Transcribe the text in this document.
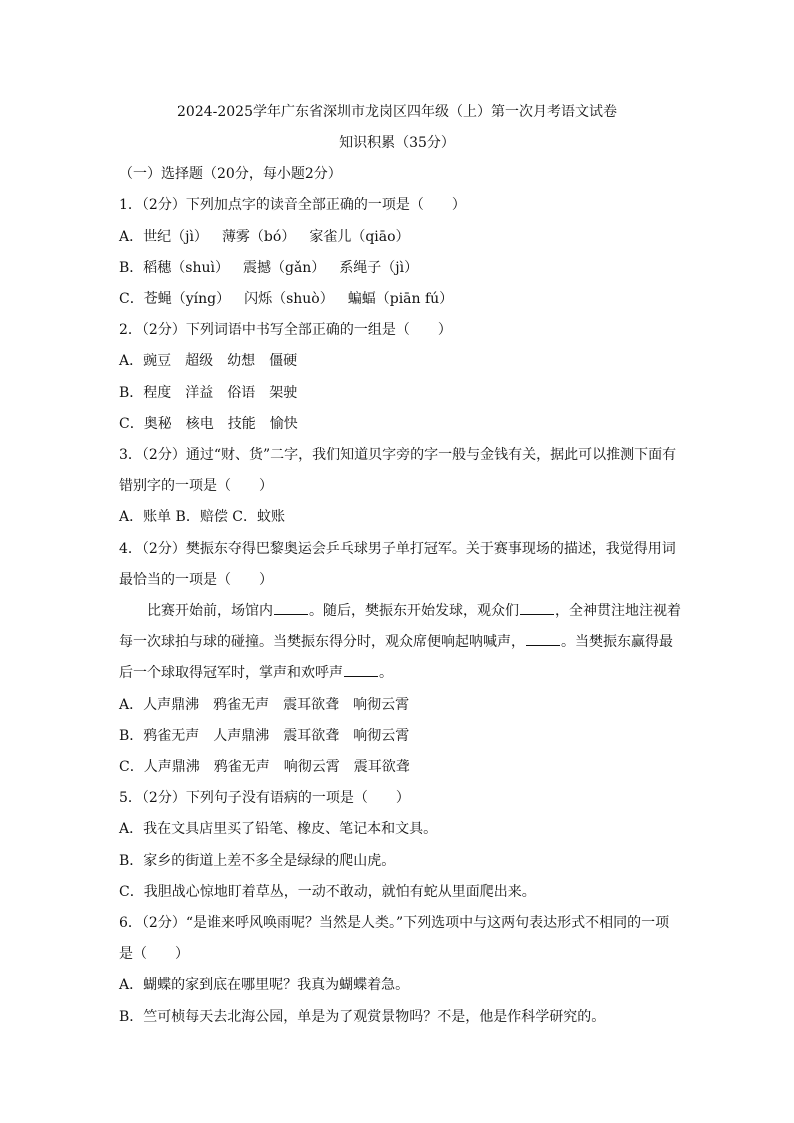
2024-2025学年广东省深圳市龙岗区四年级（上）第一次月考语文试卷
知识积累（35分）
（一）选择题（20分，每小题2分）
1．（2分）下列加点字的读音全部正确的一项是（　　）
A．世纪（jì） 薄雾（bó） 家雀儿（qiāo）
B．稻穗（shuì） 震撼（gǎn） 系绳子（jì）
C．苍蝇（yíng） 闪烁（shuò） 蝙蝠（piān fú）
2．（2分）下列词语中书写全部正确的一组是（　　）
A．豌豆 超级 幼想 僵硬
B．程度 洋益 俗语 架驶
C．奥秘 核电 技能 愉快
3．（2分）通过“财、货”二字，我们知道贝字旁的字一般与金钱有关，据此可以推测下面有
错别字的一项是（　　）
A．账单 B．赔偿 C．蚊账
4．（2分）樊振东夺得巴黎奥运会乒乓球男子单打冠军。关于赛事现场的描述，我觉得用词
最恰当的一项是（　　）
比赛开始前，场馆内	。随后，樊振东开始发球，观众们	，全神贯注地注视着
每一次球拍与球的碰撞。当樊振东得分时，观众席便响起呐喊声，	。当樊振东赢得最
后一个球取得冠军时，掌声和欢呼声	。
A．人声鼎沸 鸦雀无声 震耳欲聋 响彻云霄
B．鸦雀无声 人声鼎沸 震耳欲聋 响彻云霄
C．人声鼎沸 鸦雀无声 响彻云霄 震耳欲聋
5．（2分）下列句子没有语病的一项是（　　）
A．我在文具店里买了铅笔、橡皮、笔记本和文具。
B．家乡的街道上差不多全是绿绿的爬山虎。
C．我胆战心惊地盯着草丛，一动不敢动，就怕有蛇从里面爬出来。
6．（2分）“是谁来呼风唤雨呢？当然是人类。”下列选项中与这两句表达形式不相同的一项
是（　　）
A．蝴蝶的家到底在哪里呢？我真为蝴蝶着急。
B．竺可桢每天去北海公园，单是为了观赏景物吗？不是，他是作科学研究的。
